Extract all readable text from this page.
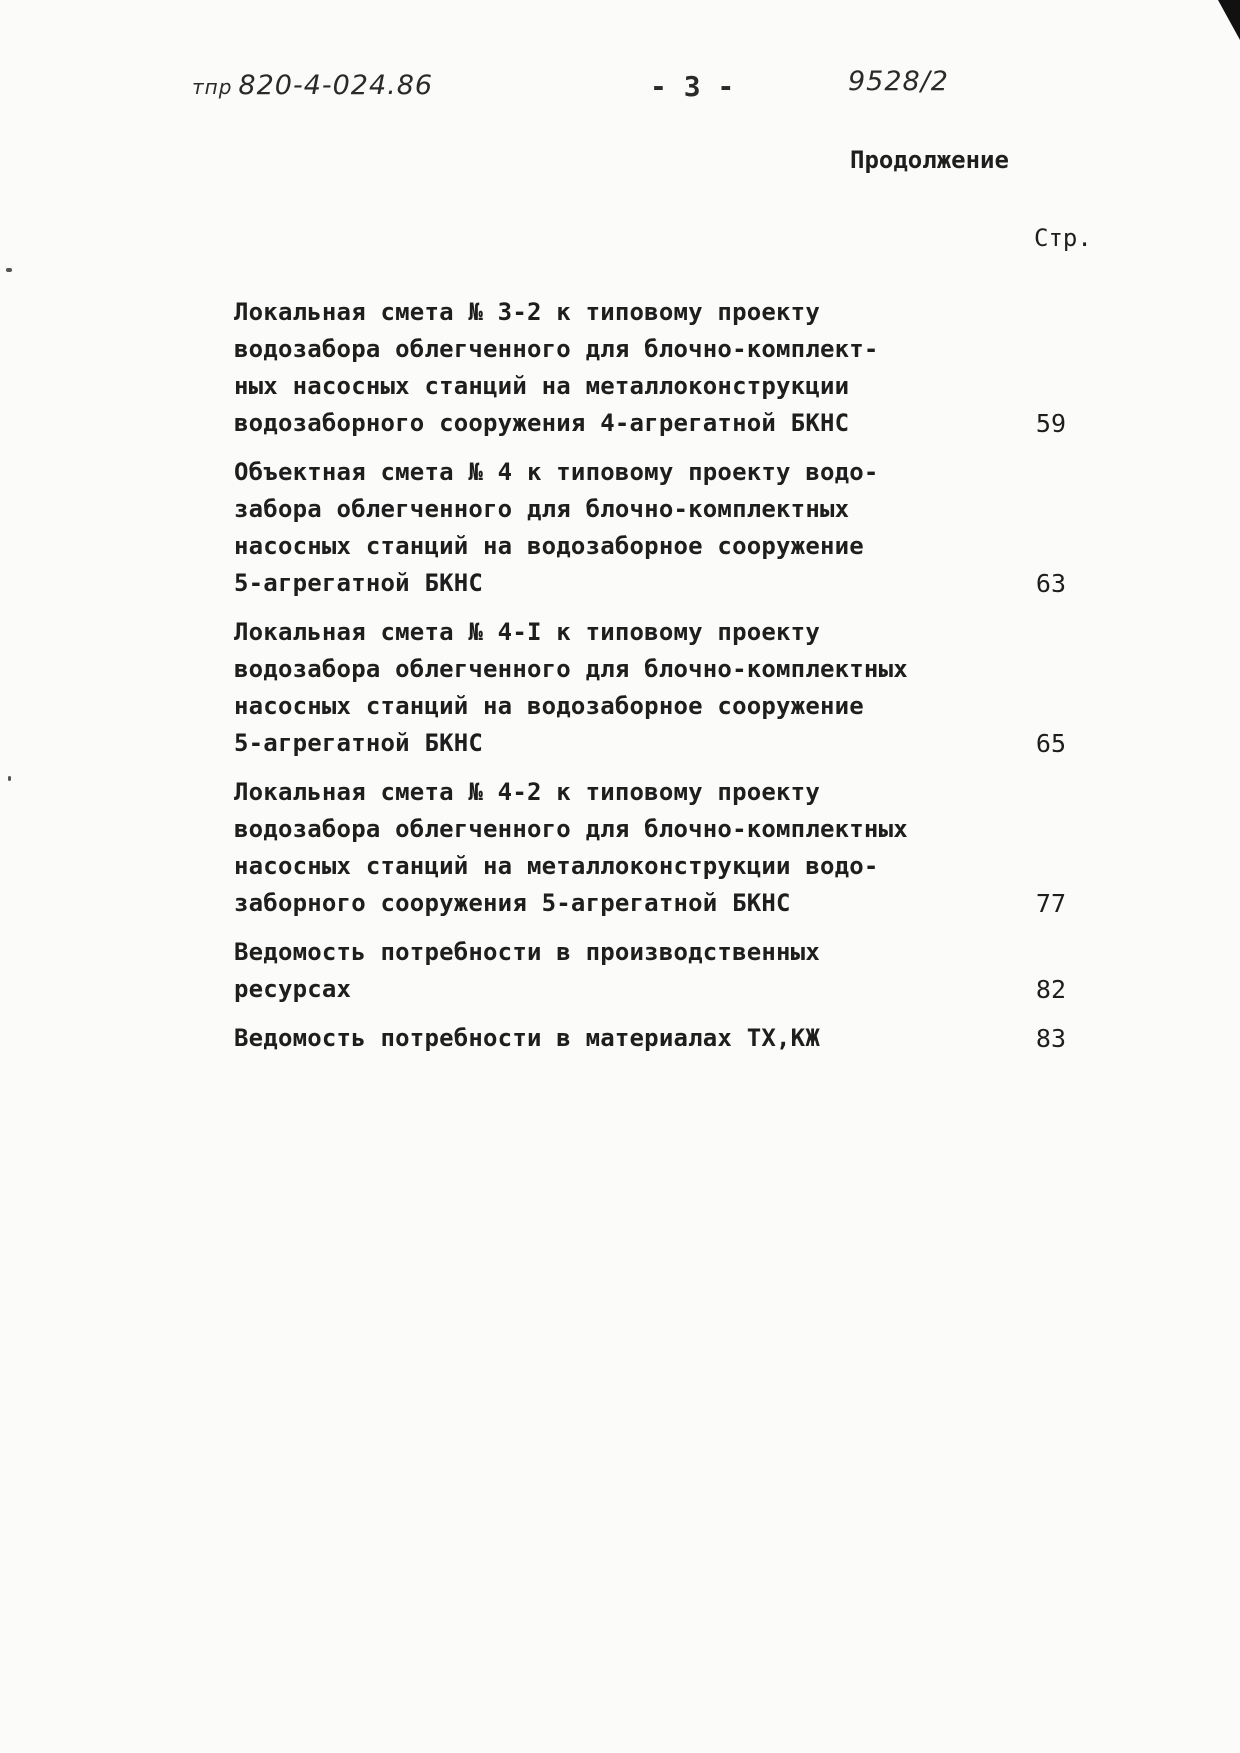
тпр 820-4-024.86	- 3 -	9528/2
Продолжение
Стр.
Локальная смета № 3-2 к типовому проекту
водозабора облегченного для блочно-комплект-
ных насосных станций на металлоконструкции
водозаборного сооружения 4-агрегатной БКНС	59
Объектная смета № 4 к типовому проекту водо-
забора облегченного для блочно-комплектных
насосных станций на водозаборное сооружение
5-агрегатной БКНС	63
Локальная смета № 4-I к типовому проекту
водозабора облегченного для блочно-комплектных
насосных станций на водозаборное сооружение
5-агрегатной БКНС	65
Локальная смета № 4-2 к типовому проекту
водозабора облегченного для блочно-комплектных
насосных станций на металлоконструкции водо-
заборного сооружения 5-агрегатной БКНС	77
Ведомость потребности в производственных
ресурсах	82
Ведомость потребности в материалах ТХ,КЖ	83
